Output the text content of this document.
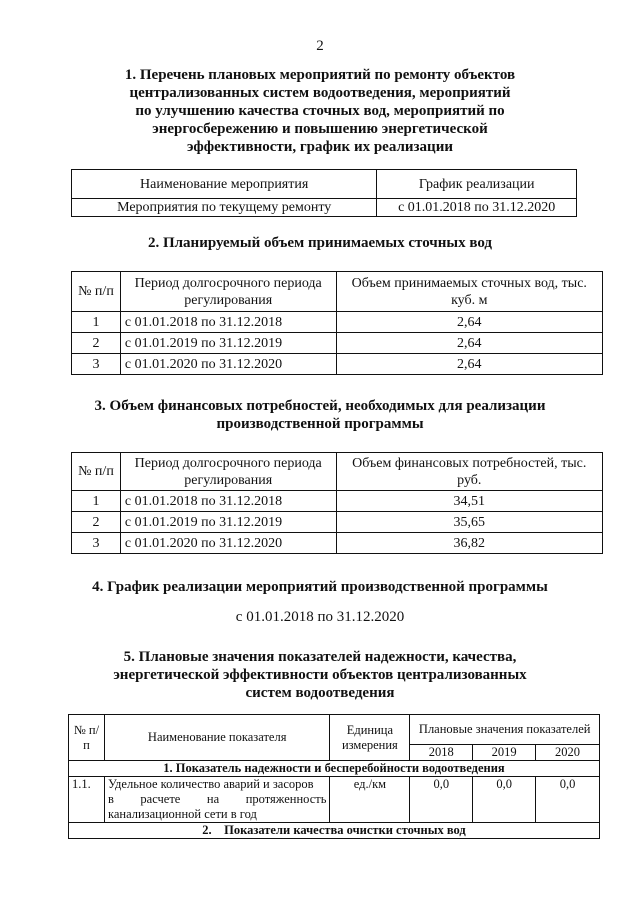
2
1. Перечень плановых мероприятий по ремонту объектов
централизованных систем водоотведения, мероприятий
по улучшению качества сточных вод, мероприятий по
энергосбережению и повышению энергетической
эффективности, график их реализации
Наименование мероприятия	График реализации
Мероприятия по текущему ремонту	с 01.01.2018 по 31.12.2020
2. Планируемый объем принимаемых сточных вод
№ п/п	Период долгосрочного периода регулирования	Объем принимаемых сточных вод, тыс. куб. м
1	с 01.01.2018 по 31.12.2018	2,64
2	с 01.01.2019 по 31.12.2019	2,64
3	с 01.01.2020 по 31.12.2020	2,64
3. Объем финансовых потребностей, необходимых для реализации
производственной программы
№ п/п	Период долгосрочного периода регулирования	Объем финансовых потребностей, тыс. руб.
1	с 01.01.2018 по 31.12.2018	34,51
2	с 01.01.2019 по 31.12.2019	35,65
3	с 01.01.2020 по 31.12.2020	36,82
4. График реализации мероприятий производственной программы
с 01.01.2018 по 31.12.2020
5. Плановые значения показателей надежности, качества,
энергетической эффективности объектов централизованных
систем водоотведения
№ п/п	Наименование показателя	Единица измерения	Плановые значения показателей		
			2018	2019	2020
1. Показатель надежности и бесперебойности водоотведения					
1.1.	Удельное количество аварий и засоров
в расчете на протяженность
канализационной сети в год	ед./км	0,0	0,0	0,0
2.    Показатели качества очистки сточных вод					
